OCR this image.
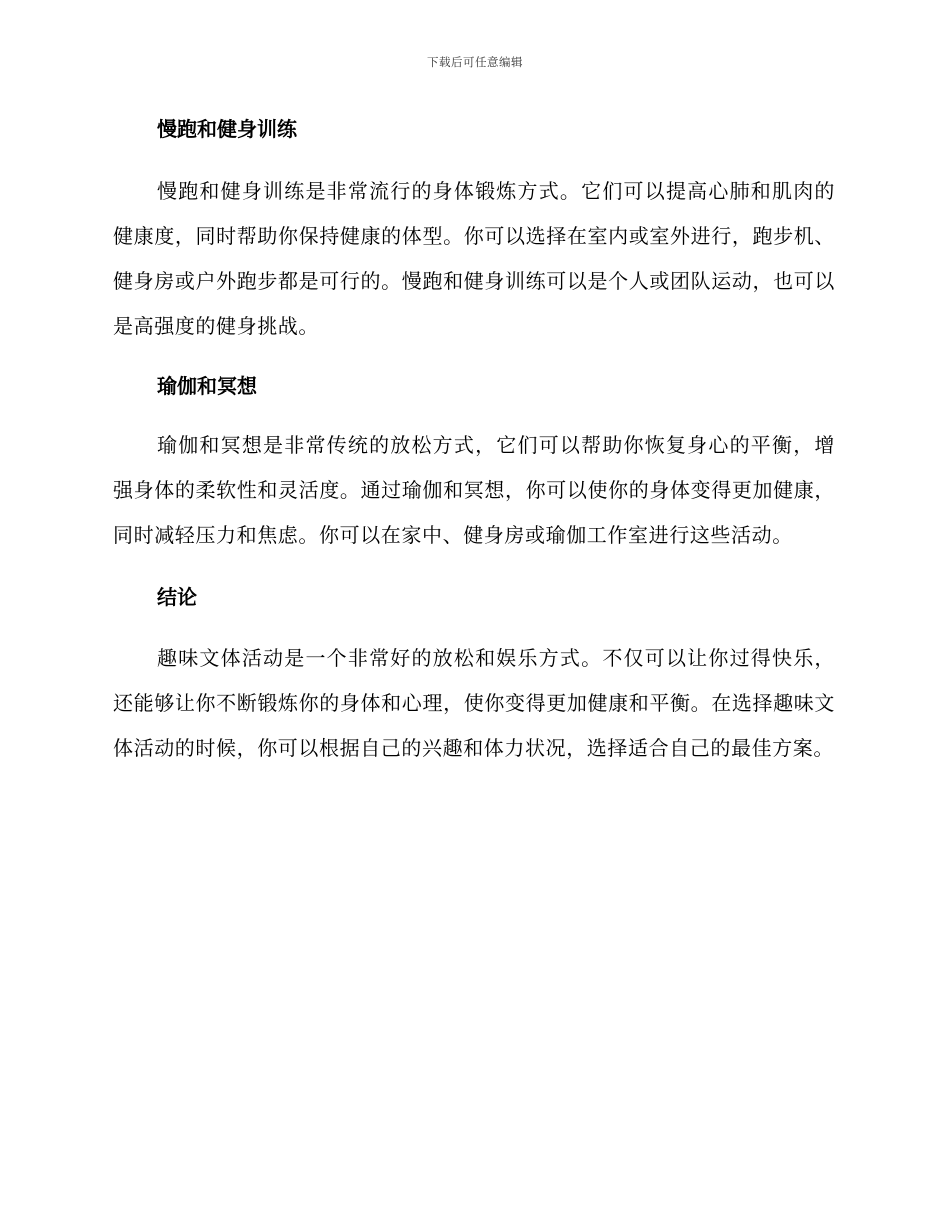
下载后可任意编辑
慢跑和健身训练

慢跑和健身训练是非常流行的身体锻炼方式。它们可以提高心肺和肌肉的健康度，同时帮助你保持健康的体型。你可以选择在室内或室外进行，跑步机、健身房或户外跑步都是可行的。慢跑和健身训练可以是个人或团队运动，也可以是高强度的健身挑战。

瑜伽和冥想

瑜伽和冥想是非常传统的放松方式，它们可以帮助你恢复身心的平衡，增强身体的柔软性和灵活度。通过瑜伽和冥想，你可以使你的身体变得更加健康，同时减轻压力和焦虑。你可以在家中、健身房或瑜伽工作室进行这些活动。

结论

趣味文体活动是一个非常好的放松和娱乐方式。不仅可以让你过得快乐，还能够让你不断锻炼你的身体和心理，使你变得更加健康和平衡。在选择趣味文体活动的时候，你可以根据自己的兴趣和体力状况，选择适合自己的最佳方案。
